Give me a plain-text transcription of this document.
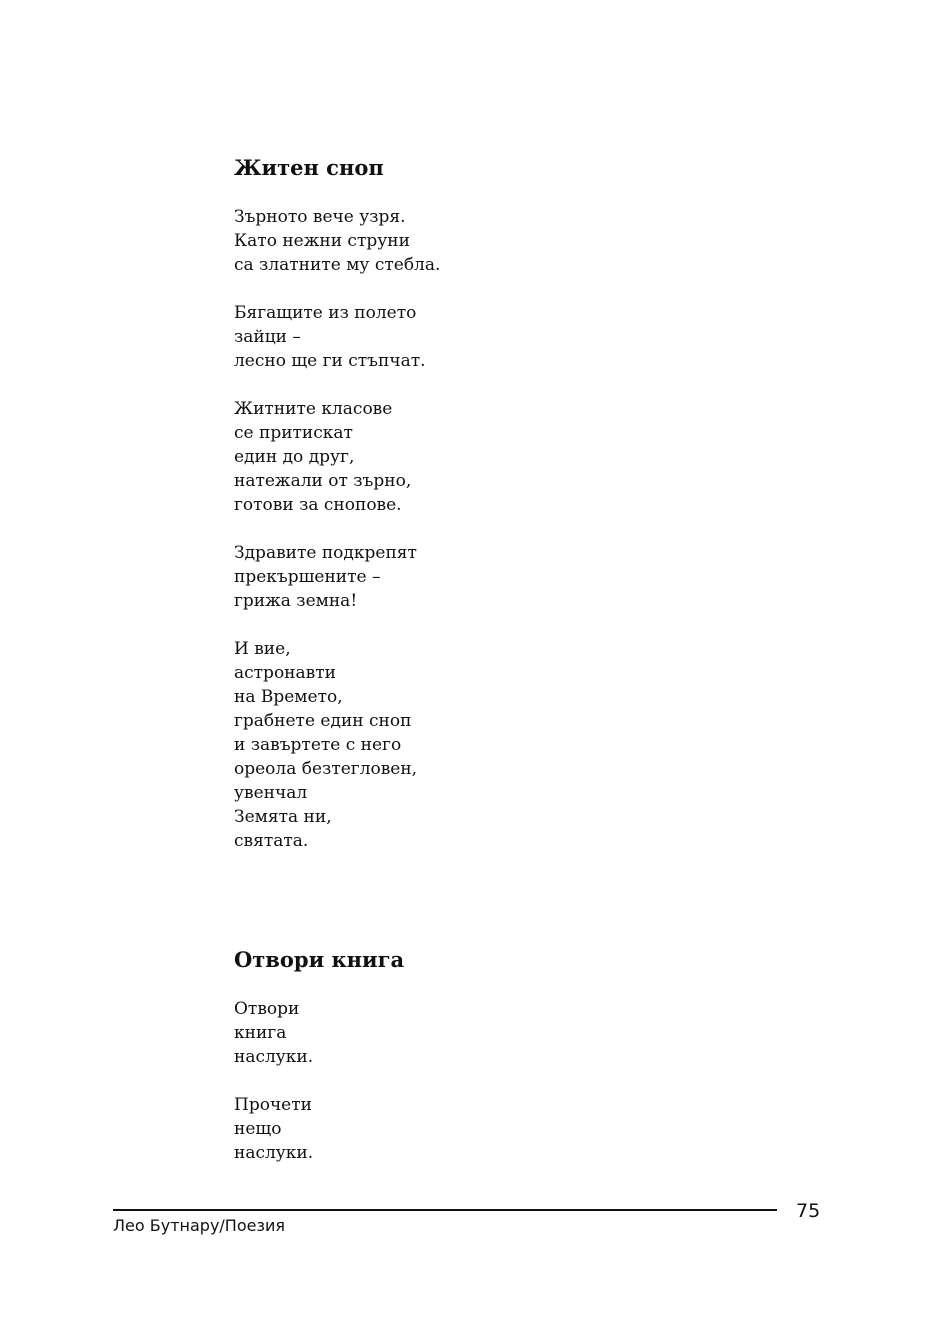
Житен сноп

Зърното вече узря.
Като нежни струни
са златните му стебла.

Бягащите из полето
зайци –
лесно ще ги стъпчат.

Житните класове
се притискат
един до друг,
натежали от зърно,
готови за снопове.

Здравите подкрепят
прекършените –
грижа земна!

И вие,
астронавти
на Времето,
грабнете един сноп
и завъртете с него
ореола безтегловен,
увенчал
Земята ни,
святата.

Отвори книга

Отвори
книга
наслуки.

Прочети
нещо
наслуки.

75
Лео Бутнару/Поезия
